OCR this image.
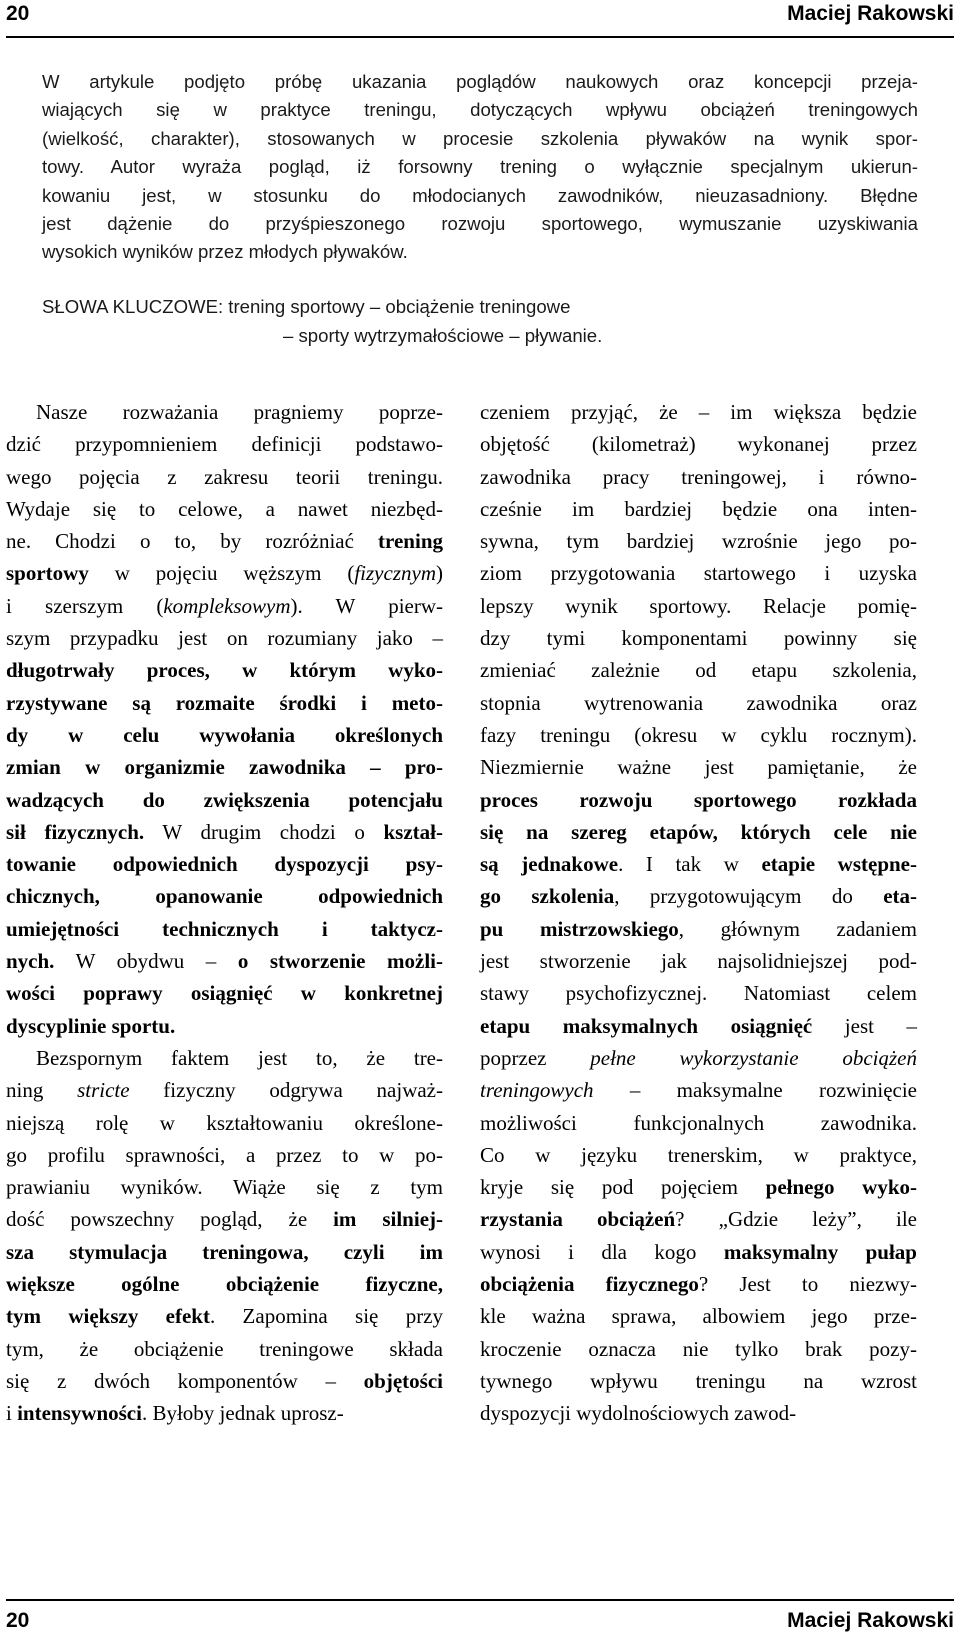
20	Maciej Rakowski
W artykule podjęto próbę ukazania poglądów naukowych oraz koncepcji przeja-
wiających się w praktyce treningu, dotyczących wpływu obciążeń treningowych
(wielkość, charakter), stosowanych w procesie szkolenia pływaków na wynik spor-
towy. Autor wyraża pogląd, iż forsowny trening o wyłącznie specjalnym ukierun-
kowaniu jest, w stosunku do młodocianych zawodników, nieuzasadniony. Błędne
jest dążenie do przyśpieszonego rozwoju sportowego, wymuszanie uzyskiwania
wysokich wyników przez młodych pływaków.
SŁOWA KLUCZOWE: trening sportowy – obciążenie treningowe
– sporty wytrzymałościowe – pływanie.
Nasze rozważania pragniemy poprze-
dzić przypomnieniem definicji podstawo-
wego pojęcia z zakresu teorii treningu.
Wydaje się to celowe, a nawet niezbęd-
ne. Chodzi o to, by rozróżniać trening
sportowy w pojęciu węższym (fizycznym)
i szerszym (kompleksowym). W pierw-
szym przypadku jest on rozumiany jako –
długotrwały proces, w którym wyko-
rzystywane są rozmaite środki i meto-
dy w celu wywołania określonych
zmian w organizmie zawodnika – pro-
wadzących do zwiększenia potencjału
sił fizycznych. W drugim chodzi o kształ-
towanie odpowiednich dyspozycji psy-
chicznych, opanowanie odpowiednich
umiejętności technicznych i taktycz-
nych. W obydwu – o stworzenie możli-
wości poprawy osiągnięć w konkretnej
dyscyplinie sportu.
Bezspornym faktem jest to, że tre-
ning stricte fizyczny odgrywa najważ-
niejszą rolę w kształtowaniu określone-
go profilu sprawności, a przez to w po-
prawianiu wyników. Wiąże się z tym
dość powszechny pogląd, że im silniej-
sza stymulacja treningowa, czyli im
większe ogólne obciążenie fizyczne,
tym większy efekt. Zapomina się przy
tym, że obciążenie treningowe składa
się z dwóch komponentów – objętości
i intensywności. Byłoby jednak uprosz-
czeniem przyjąć, że – im większa będzie
objętość (kilometraż) wykonanej przez
zawodnika pracy treningowej, i równo-
cześnie im bardziej będzie ona inten-
sywna, tym bardziej wzrośnie jego po-
ziom przygotowania startowego i uzyska
lepszy wynik sportowy. Relacje pomię-
dzy tymi komponentami powinny się
zmieniać zależnie od etapu szkolenia,
stopnia wytrenowania zawodnika oraz
fazy treningu (okresu w cyklu rocznym).
Niezmiernie ważne jest pamiętanie, że
proces rozwoju sportowego rozkłada
się na szereg etapów, których cele nie
są jednakowe. I tak w etapie wstępne-
go szkolenia, przygotowującym do eta-
pu mistrzowskiego, głównym zadaniem
jest stworzenie jak najsolidniejszej pod-
stawy psychofizycznej. Natomiast celem
etapu maksymalnych osiągnięć jest –
poprzez pełne wykorzystanie obciążeń
treningowych – maksymalne rozwinięcie
możliwości funkcjonalnych zawodnika.
Co w języku trenerskim, w praktyce,
kryje się pod pojęciem pełnego wyko-
rzystania obciążeń? „Gdzie leży”, ile
wynosi i dla kogo maksymalny pułap
obciążenia fizycznego? Jest to niezwy-
kle ważna sprawa, albowiem jego prze-
kroczenie oznacza nie tylko brak pozy-
tywnego wpływu treningu na wzrost
dyspozycji wydolnościowych zawod-
20	Maciej Rakowski
